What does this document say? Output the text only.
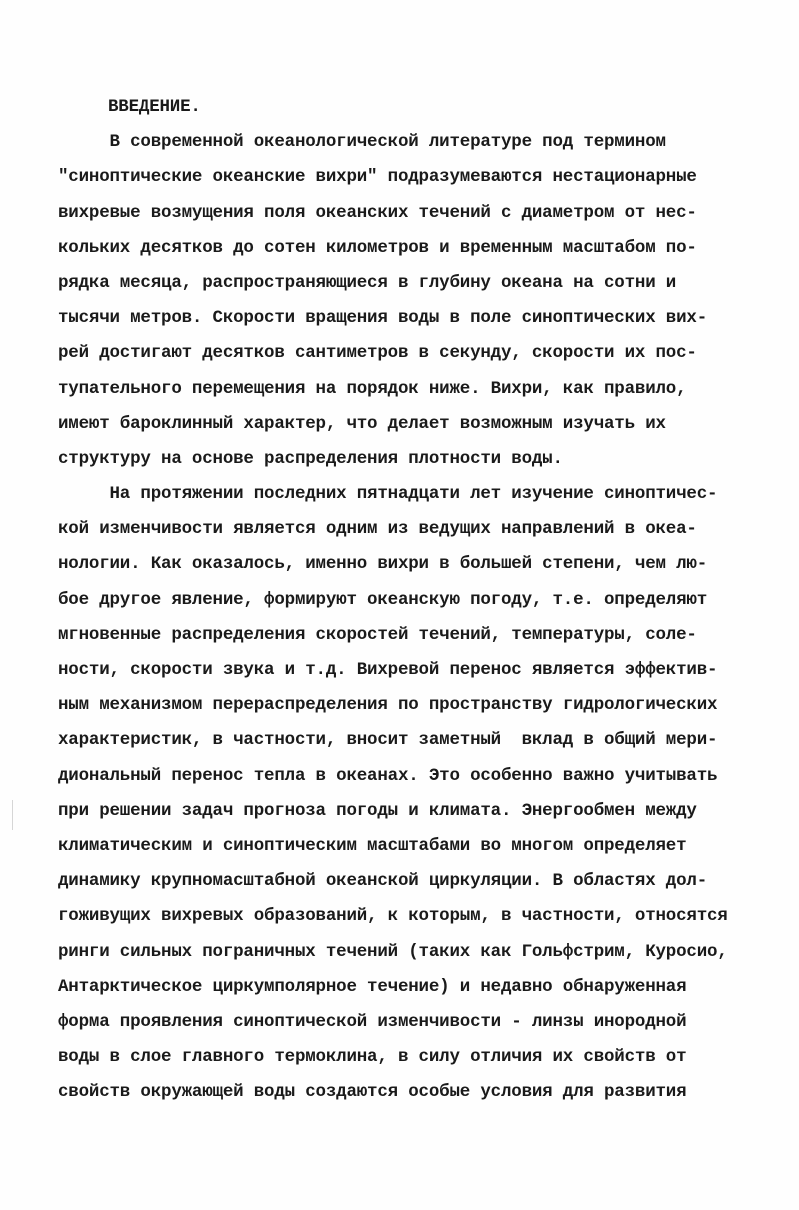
ВВЕДЕНИЕ.
В современной океанологической литературе под термином
"синоптические океанские вихри" подразумеваются нестационарные
вихревые возмущения поля океанских течений с диаметром от нес-
кольких десятков до сотен километров и временным масштабом по-
рядка месяца, распространяющиеся в глубину океана на сотни и
тысячи метров. Скорости вращения воды в поле синоптических вих-
рей достигают десятков сантиметров в секунду, скорости их пос-
тупательного перемещения на порядок ниже. Вихри, как правило,
имеют бароклинный характер, что делает возможным изучать их
структуру на основе распределения плотности воды.
На протяжении последних пятнадцати лет изучение синоптичес-
кой изменчивости является одним из ведущих направлений в окea-
нологии. Как оказалось, именно вихри в большей степени, чем лю-
бое другое явление, формируют океанскую погоду, т.е. определяют
мгновенные распределения скоростей течений, температуры, соле-
ности, скорости звука и т.д. Вихревой перенос является эффектив-
ным механизмом перераспределения по пространству гидрологических
характеристик, в частности, вносит заметный  вклад в общий мери-
диональный перенос тепла в океанах. Это особенно важно учитывать
при решении задач прогноза погоды и климата. Энергообмен между
климатическим и синоптическим масштабами во многом определяет
динамику крупномасштабной океанской циркуляции. В областях дол-
гоживущих вихревых образований, к которым, в частности, относятся
ринги сильных пограничных течений (таких как Гольфстрим, Куросио,
Антарктическое циркумполярное течение) и недавно обнаруженная
форма проявления синоптической изменчивости - линзы инородной
воды в слое главного термоклина, в силу отличия их свойств от
свойств окружающей воды создаются особые условия для развития
